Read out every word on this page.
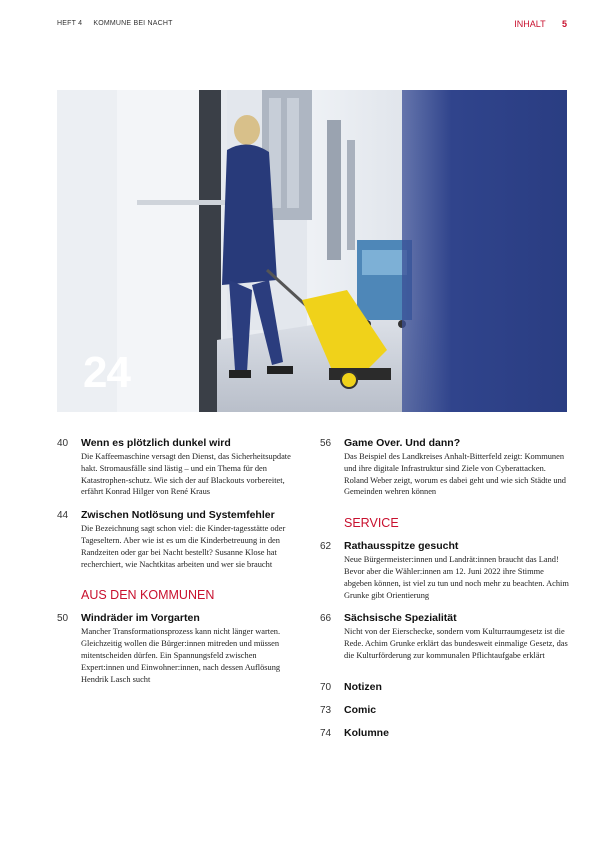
HEFT 4 KOMMUNE BEI NACHT	INHALT 5
24
40 Wenn es plötzlich dunkel wird
Die Kaffeemaschine versagt den Dienst, das Sicherheitsupdate hakt. Stromausfälle sind lästig – und ein Thema für den Katastrophen-schutz. Wie sich der auf Blackouts vorbereitet, erfährt Konrad Hilger von René Kraus
44 Zwischen Notlösung und Systemfehler
Die Bezeichnung sagt schon viel: die Kinder-tagesstätte oder Tageseltern. Aber wie ist es um die Kinderbetreuung in den Randzeiten oder gar bei Nacht bestellt? Susanne Klose hat recherchiert, wie Nachtkitas arbeiten und wer sie braucht
AUS DEN KOMMUNEN
50 Windräder im Vorgarten
Mancher Transformationsprozess kann nicht länger warten. Gleichzeitig wollen die Bürger:innen mitreden und müssen mitentscheiden dürfen. Ein Spannungsfeld zwischen Expert:innen und Einwohner:innen, nach dessen Auflösung Hendrik Lasch sucht
56 Game Over. Und dann?
Das Beispiel des Landkreises Anhalt-Bitterfeld zeigt: Kommunen und ihre digitale Infrastruktur sind Ziele von Cyberattacken. Roland Weber zeigt, worum es dabei geht und wie sich Städte und Gemeinden wehren können
SERVICE
62 Rathausspitze gesucht
Neue Bürgermeister:innen und Landrät:innen braucht das Land! Bevor aber die Wähler:innen am 12. Juni 2022 ihre Stimme abgeben können, ist viel zu tun und noch mehr zu beachten. Achim Grunke gibt Orientierung
66 Sächsische Spezialität
Nicht von der Eierschecke, sondern vom Kulturraumgesetz ist die Rede. Achim Grunke erklärt das bundesweit einmalige Gesetz, das die Kulturförderung zur kommunalen Pflichtaufgabe erklärt
70 Notizen
73 Comic
74 Kolumne
